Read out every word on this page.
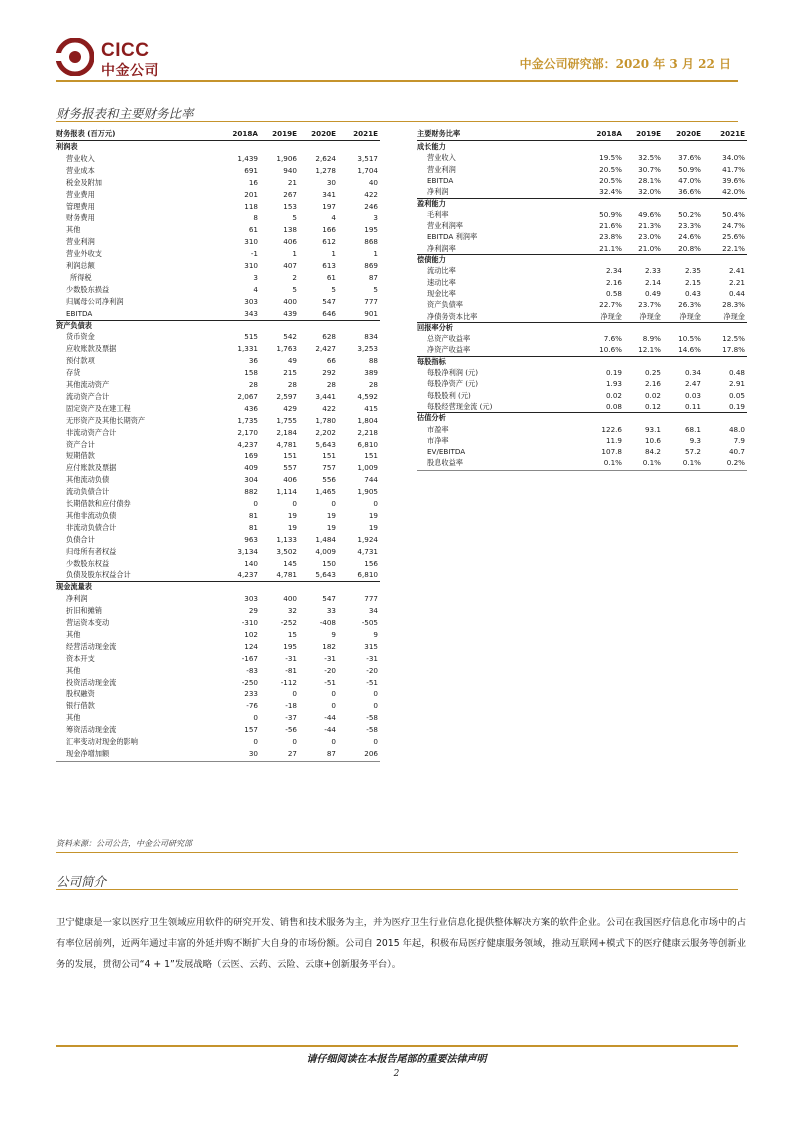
CICC
中金公司	中金公司研究部：2020 年 3 月 22 日
财务报表和主要财务比率
财务报表 (百万元)	2018A 2019E 2020E 2021E
利润表
营业收入	1,439	1,906	2,624	3,517
营业成本	691	940	1,278	1,704
税金及附加	16	21	30	40
营业费用	201	267	341	422
管理费用	118	153	197	246
财务费用	8	5	4	3
其他	61	138	166	195
营业利润	310	406	612	868
营业外收支	-1	1	1	1
利润总额	310	407	613	869
所得税	3	2	61	87
少数股东损益	4	5	5	5
归属母公司净利润	303	400	547	777
EBITDA	343	439	646	901
资产负债表
货币资金	515	542	628	834
应收账款及票据	1,331	1,763	2,427	3,253
预付款项	36	49	66	88
存货	158	215	292	389
其他流动资产	28	28	28	28
流动资产合计	2,067	2,597	3,441	4,592
固定资产及在建工程	436	429	422	415
无形资产及其他长期资产	1,735	1,755	1,780	1,804
非流动资产合计	2,170	2,184	2,202	2,218
资产合计	4,237	4,781	5,643	6,810
短期借款	169	151	151	151
应付账款及票据	409	557	757	1,009
其他流动负债	304	406	556	744
流动负债合计	882	1,114	1,465	1,905
长期借款和应付债券	0	0	0	0
其他非流动负债	81	19	19	19
非流动负债合计	81	19	19	19
负债合计	963	1,133	1,484	1,924
归母所有者权益	3,134	3,502	4,009	4,731
少数股东权益	140	145	150	156
负债及股东权益合计	4,237	4,781	5,643	6,810
现金流量表
净利润	303	400	547	777
折旧和摊销	29	32	33	34
营运资本变动	-310	-252	-408	-505
其他	102	15	9	9
经营活动现金流	124	195	182	315
资本开支	-167	-31	-31	-31
其他	-83	-81	-20	-20
投资活动现金流	-250	-112	-51	-51
股权融资	233	0	0	0
银行借款	-76	-18	0	0
其他	0	-37	-44	-58
筹资活动现金流	157	-56	-44	-58
汇率变动对现金的影响	0	0	0	0
现金净增加额	30	27	87	206
主要财务比率	2018A 2019E 2020E	2021E
成长能力
营业收入	19.5% 32.5% 37.6%	34.0%
营业利润	20.5% 30.7% 50.9%	41.7%
EBITDA	20.5% 28.1% 47.0%	39.6%
净利润	32.4% 32.0% 36.6%	42.0%
盈利能力
毛利率	50.9% 49.6% 50.2%	50.4%
营业利润率	21.6% 21.3% 23.3%	24.7%
EBITDA 利润率	23.8% 23.0% 24.6%	25.6%
净利润率	21.1% 21.0% 20.8%	22.1%
偿债能力
流动比率	2.34	2.33	2.35	2.41
速动比率	2.16	2.14	2.15	2.21
现金比率	0.58	0.49	0.43	0.44
资产负债率	22.7% 23.7% 26.3%	28.3%
净债务资本比率	净现金 净现金	净现金	净现金
回报率分析
总资产收益率	7.6%	8.9% 10.5%	12.5%
净资产收益率	10.6% 12.1% 14.6%	17.8%
每股指标
每股净利润 (元)	0.19	0.25	0.34	0.48
每股净资产 (元)	1.93	2.16	2.47	2.91
每股股利 (元)	0.02	0.02	0.03	0.05
每股经营现金流 (元)	0.08	0.12	0.11	0.19
估值分析
市盈率	122.6	93.1	68.1	48.0
市净率	11.9	10.6	9.3	7.9
EV/EBITDA	107.8	84.2	57.2	40.7
股息收益率	0.1%	0.1%	0.1%	0.2%
资料来源：公司公告，中金公司研究部
公司简介
卫宁健康是一家以医疗卫生领域应用软件的研究开发、销售和技术服务为主，并为医疗卫生行业信息化提供整体解决方案的软件企业。公司在我国医疗信息化市场中的占有率位居前列，近两年通过丰富的外延并购不断扩大自身的市场份额。公司自 2015 年起，积极布局医疗健康服务领域，推动互联网+模式下的医疗健康云服务等创新业务的发展，贯彻公司“4 + 1”发展战略（云医、云药、云险、云康+创新服务平台）。
请仔细阅读在本报告尾部的重要法律声明
2
